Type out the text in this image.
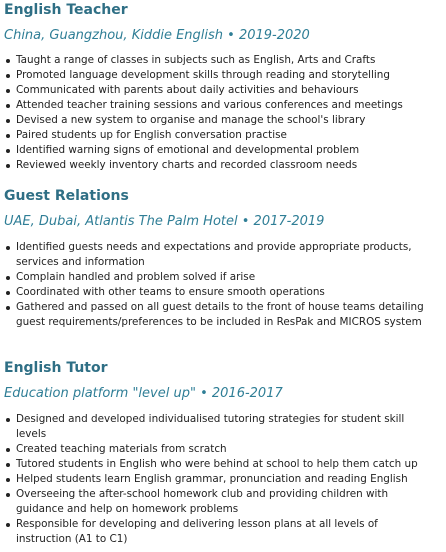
English Teacher

China, Guangzhou, Kiddie English • 2019-2020

Taught a range of classes in subjects such as English, Arts and Crafts
Promoted language development skills through reading and storytelling
Communicated with parents about daily activities and behaviours
Attended teacher training sessions and various conferences and meetings
Devised a new system to organise and manage the school's library
Paired students up for English conversation practise
Identified warning signs of emotional and developmental problem
Reviewed weekly inventory charts and recorded classroom needs
Guest Relations

UAE, Dubai, Atlantis The Palm Hotel • 2017-2019

Identified guests needs and expectations and provide appropriate products,
services and information
Complain handled and problem solved if arise
Coordinated with other teams to ensure smooth operations
Gathered and passed on all guest details to the front of house teams detailing
guest requirements/preferences to be included in ResPak and MICROS system
English Tutor

Education platform "level up" • 2016-2017

Designed and developed individualised tutoring strategies for student skill
levels
Created teaching materials from scratch
Tutored students in English who were behind at school to help them catch up
Helped students learn English grammar, pronunciation and reading English
Overseeing the after-school homework club and providing children with
guidance and help on homework problems
Responsible for developing and delivering lesson plans at all levels of
instruction (A1 to C1)
